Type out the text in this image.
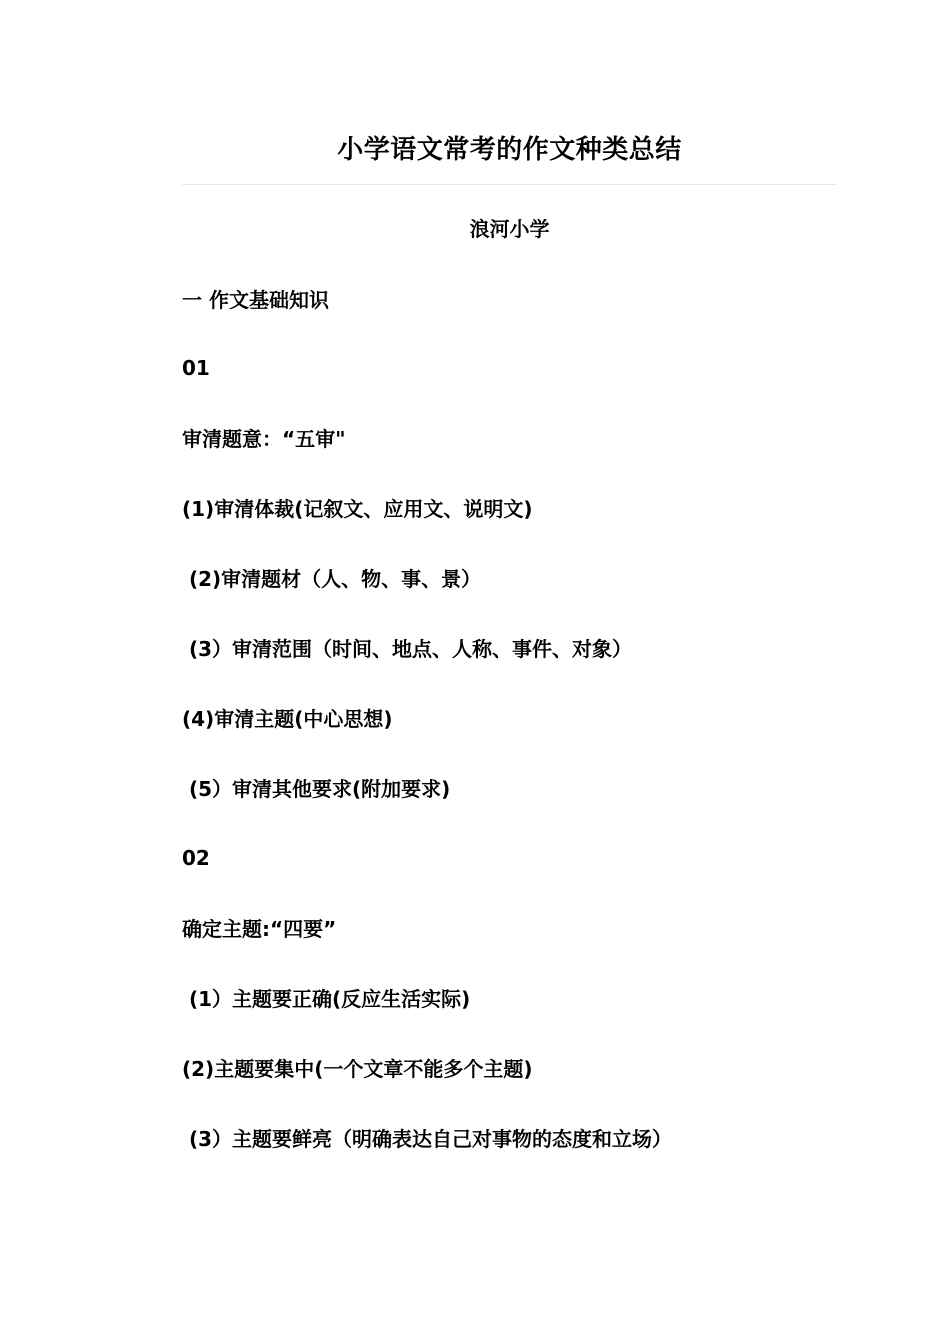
小学语文常考的作文种类总结
浪河小学
一 作文基础知识
01
审清题意：“五审"
(1)审清体裁(记叙文、应用文、说明文)
(2)审清题材（人、物、事、景）
(3）审清范围（时间、地点、人称、事件、对象）
(4)审清主题(中心思想)
(5）审清其他要求(附加要求)
02
确定主题:“四要”
(1）主题要正确(反应生活实际)
(2)主题要集中(一个文章不能多个主题)
(3）主题要鲜亮（明确表达自己对事物的态度和立场）
